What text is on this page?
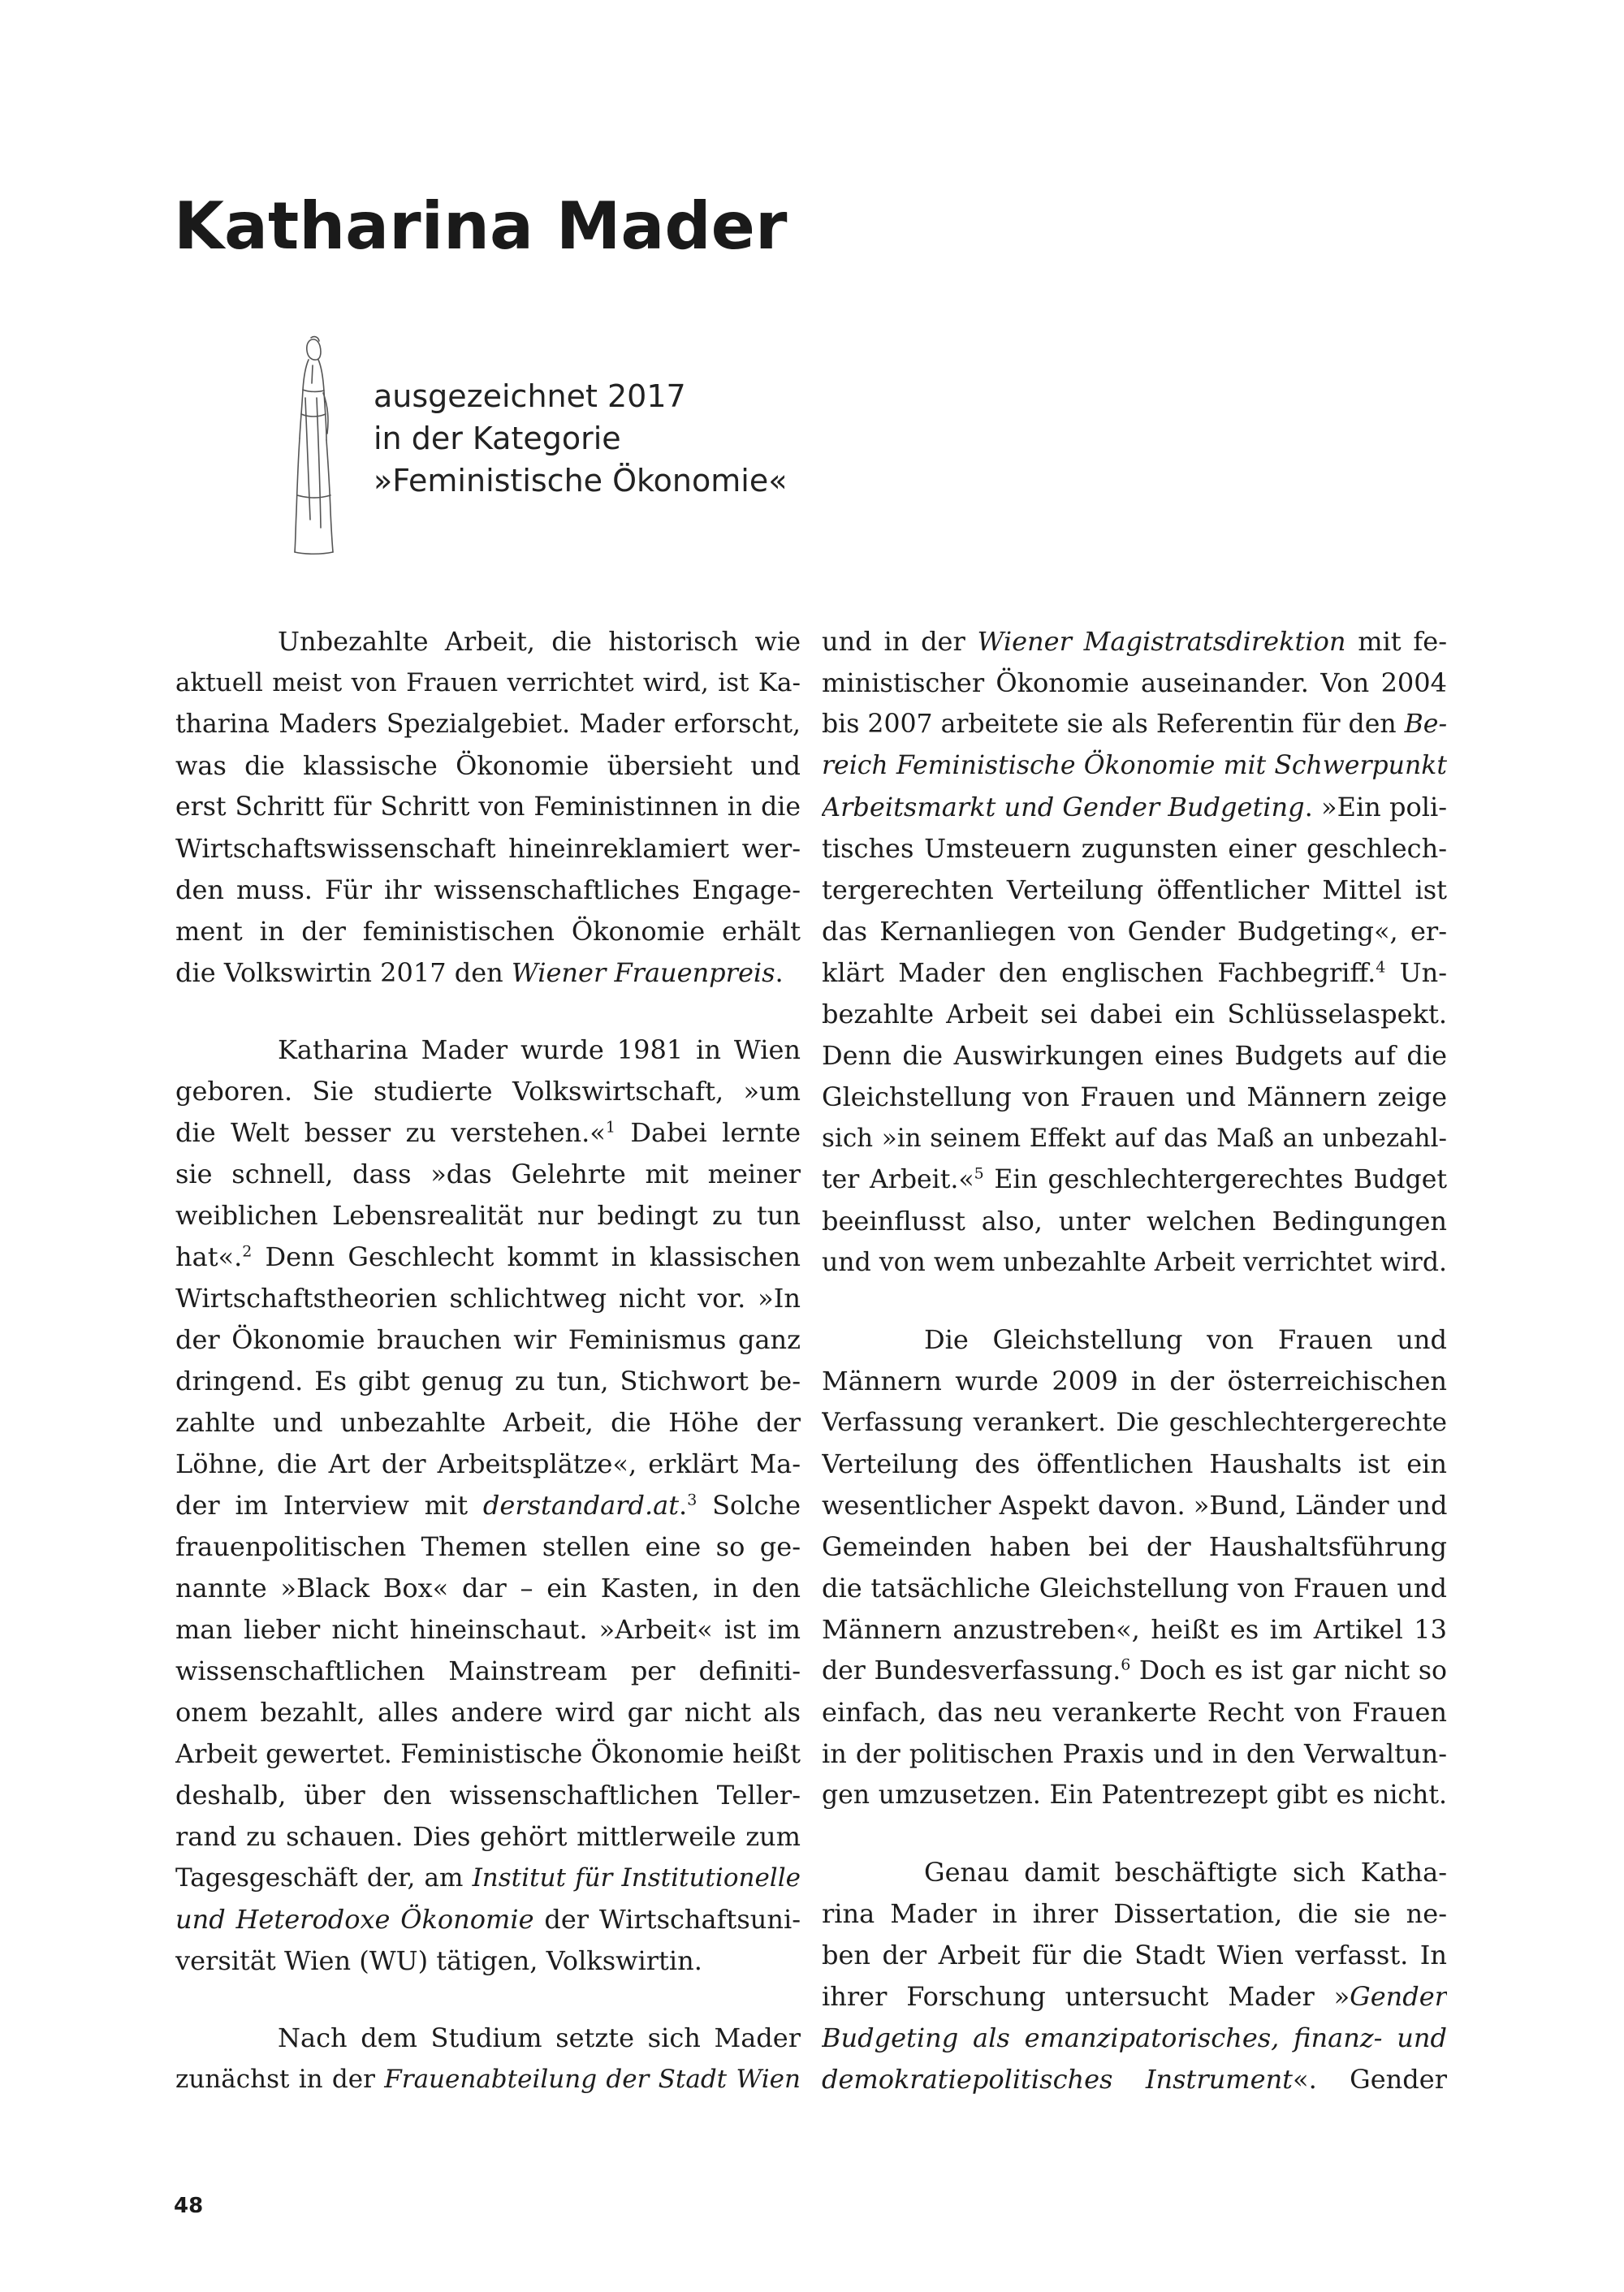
Katharina Mader
ausgezeichnet 2017
in der Kategorie
»Feministische Ökonomie«
Unbezahlte Arbeit, die historisch wie
aktuell meist von Frauen verrichtet wird, ist Ka-
tharina Maders Spezialgebiet. Mader erforscht,
was die klassische Ökonomie übersieht und
erst Schritt für Schritt von Feministinnen in die
Wirtschaftswissenschaft hineinreklamiert wer-
den muss. Für ihr wissenschaftliches Engage-
ment in der feministischen Ökonomie erhält
die Volkswirtin 2017 den Wiener Frauenpreis.
Katharina Mader wurde 1981 in Wien
geboren. Sie studierte Volkswirtschaft, »um
die Welt besser zu verstehen.«$^1$ Dabei lernte
sie schnell, dass »das Gelehrte mit meiner
weiblichen Lebensrealität nur bedingt zu tun
hat«.$^2$ Denn Geschlecht kommt in klassischen
Wirtschaftstheorien schlichtweg nicht vor. »In
der Ökonomie brauchen wir Feminismus ganz
dringend. Es gibt genug zu tun, Stichwort be-
zahlte und unbezahlte Arbeit, die Höhe der
Löhne, die Art der Arbeitsplätze«, erklärt Ma-
der im Interview mit derstandard.at.$^3$ Solche
frauenpolitischen Themen stellen eine so ge-
nannte »Black Box« dar – ein Kasten, in den
man lieber nicht hineinschaut. »Arbeit« ist im
wissenschaftlichen Mainstream per definiti-
onem bezahlt, alles andere wird gar nicht als
Arbeit gewertet. Feministische Ökonomie heißt
deshalb, über den wissenschaftlichen Teller-
rand zu schauen. Dies gehört mittlerweile zum
Tagesgeschäft der, am Institut für Institutionelle
und Heterodoxe Ökonomie der Wirtschaftsuni-
versität Wien (WU) tätigen, Volkswirtin.
Nach dem Studium setzte sich Mader
zunächst in der Frauenabteilung der Stadt Wien
und in der Wiener Magistratsdirektion mit fe-
ministischer Ökonomie auseinander. Von 2004
bis 2007 arbeitete sie als Referentin für den Be-
reich Feministische Ökonomie mit Schwerpunkt
Arbeitsmarkt und Gender Budgeting. »Ein poli-
tisches Umsteuern zugunsten einer geschlech-
tergerechten Verteilung öffentlicher Mittel ist
das Kernanliegen von Gender Budgeting«, er-
klärt Mader den englischen Fachbegriff.$^4$ Un-
bezahlte Arbeit sei dabei ein Schlüsselaspekt.
Denn die Auswirkungen eines Budgets auf die
Gleichstellung von Frauen und Männern zeige
sich »in seinem Effekt auf das Maß an unbezahl-
ter Arbeit.«$^5$ Ein geschlechtergerechtes Budget
beeinflusst also, unter welchen Bedingungen
und von wem unbezahlte Arbeit verrichtet wird.
Die Gleichstellung von Frauen und
Männern wurde 2009 in der österreichischen
Verfassung verankert. Die geschlechtergerechte
Verteilung des öffentlichen Haushalts ist ein
wesentlicher Aspekt davon. »Bund, Länder und
Gemeinden haben bei der Haushaltsführung
die tatsächliche Gleichstellung von Frauen und
Männern anzustreben«, heißt es im Artikel 13
der Bundesverfassung.$^6$ Doch es ist gar nicht so
einfach, das neu verankerte Recht von Frauen
in der politischen Praxis und in den Verwaltun-
gen umzusetzen. Ein Patentrezept gibt es nicht.
Genau damit beschäftigte sich Katha-
rina Mader in ihrer Dissertation, die sie ne-
ben der Arbeit für die Stadt Wien verfasst. In
ihrer Forschung untersucht Mader »Gender
Budgeting als emanzipatorisches, finanz- und
demokratiepolitisches Instrument«. Gender
48
